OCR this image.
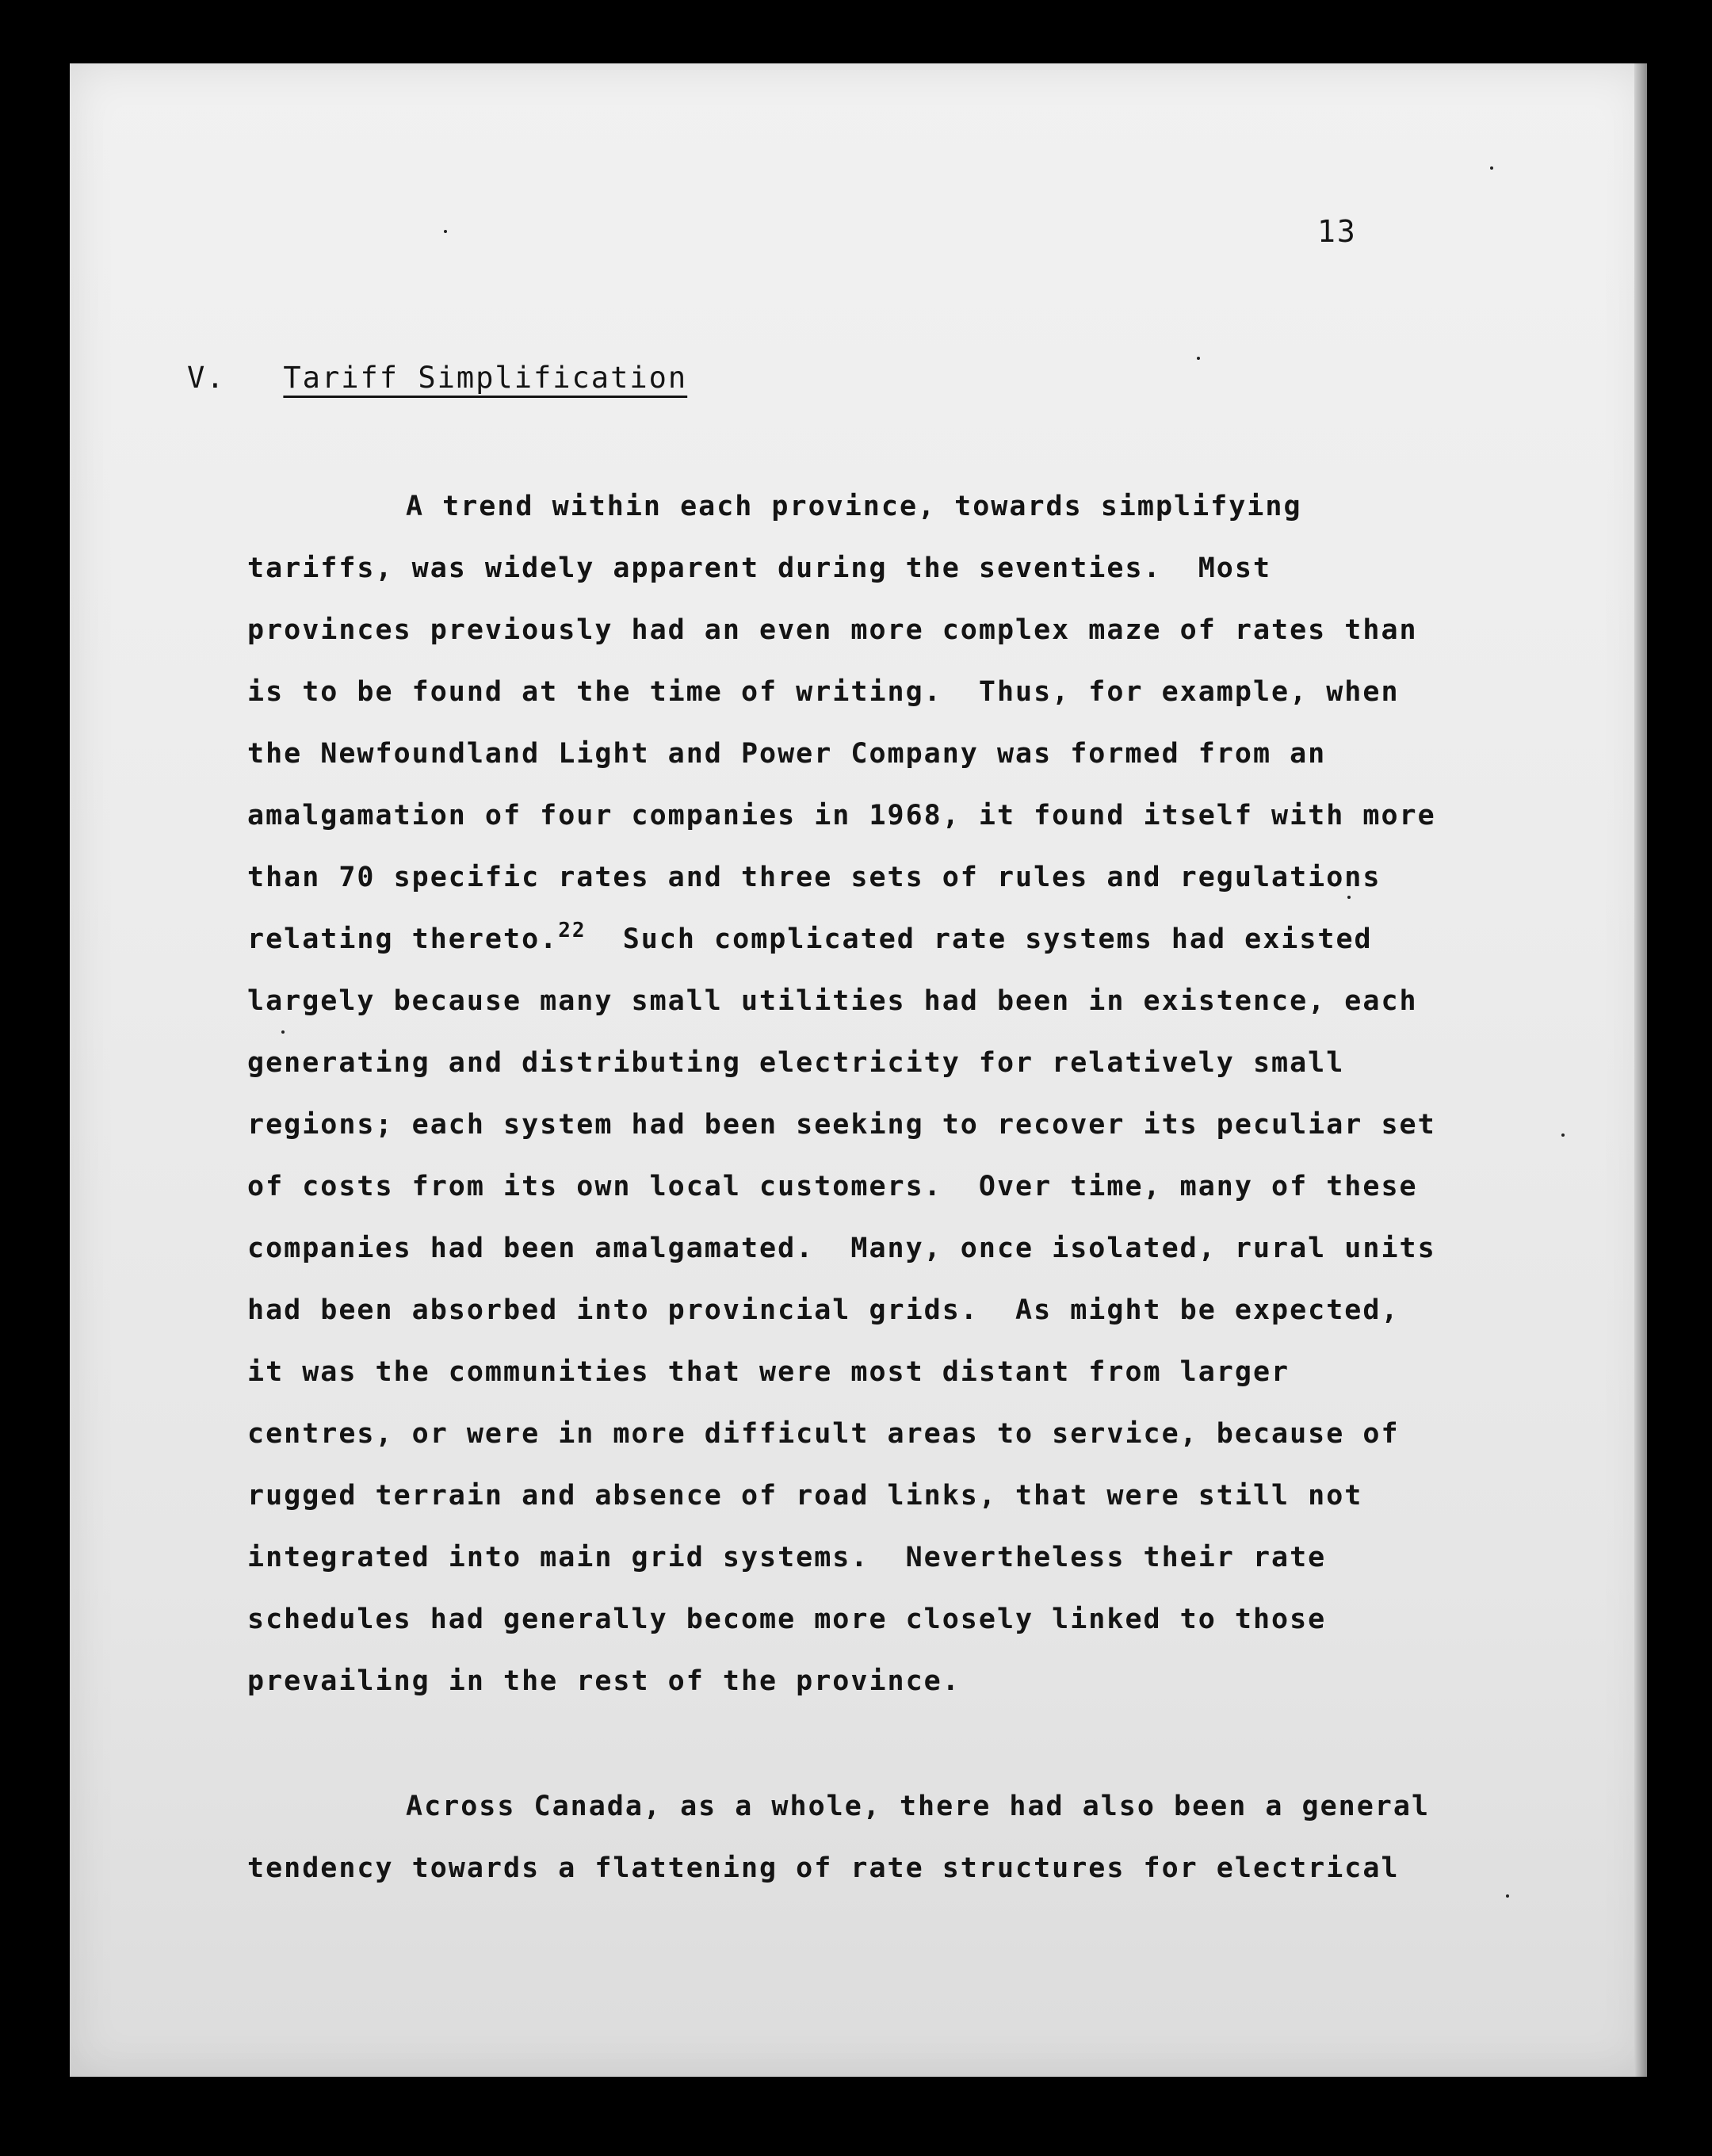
13
V. Tariff Simplification
A trend within each province, towards simplifying
tariffs, was widely apparent during the seventies.  Most
provinces previously had an even more complex maze of rates than
is to be found at the time of writing.  Thus, for example, when
the Newfoundland Light and Power Company was formed from an
amalgamation of four companies in 1968, it found itself with more
than 70 specific rates and three sets of rules and regulations
relating thereto.$^{22}$  Such complicated rate systems had existed
largely because many small utilities had been in existence, each
generating and distributing electricity for relatively small
regions; each system had been seeking to recover its peculiar set
of costs from its own local customers.  Over time, many of these
companies had been amalgamated.  Many, once isolated, rural units
had been absorbed into provincial grids.  As might be expected,
it was the communities that were most distant from larger
centres, or were in more difficult areas to service, because of
rugged terrain and absence of road links, that were still not
integrated into main grid systems.  Nevertheless their rate
schedules had generally become more closely linked to those
prevailing in the rest of the province.
Across Canada, as a whole, there had also been a general
tendency towards a flattening of rate structures for electrical
